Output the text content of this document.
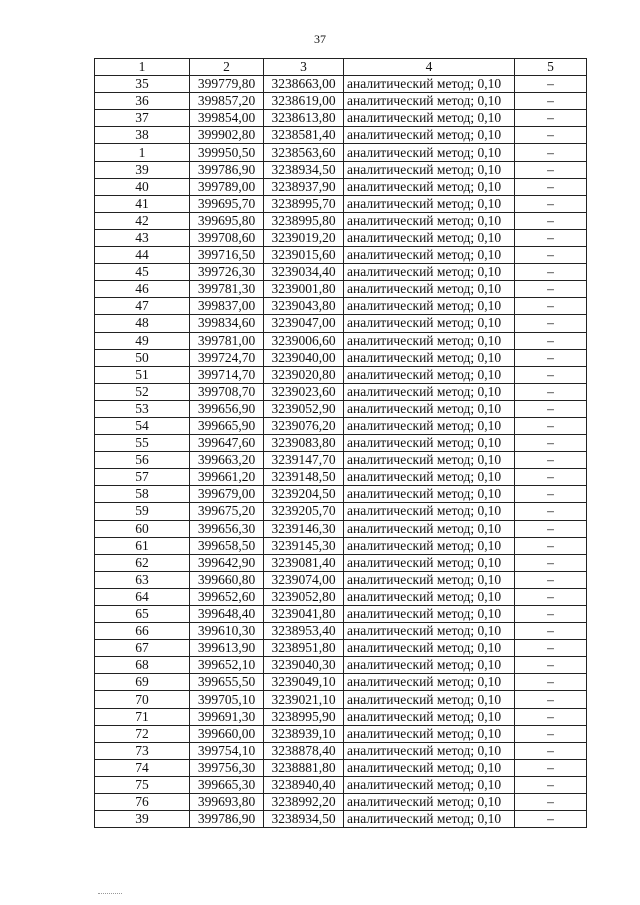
37
1	2	3	4	5
35	399779,80	3238663,00	аналитический метод; 0,10	–
36	399857,20	3238619,00	аналитический метод; 0,10	–
37	399854,00	3238613,80	аналитический метод; 0,10	–
38	399902,80	3238581,40	аналитический метод; 0,10	–
1	399950,50	3238563,60	аналитический метод; 0,10	–
39	399786,90	3238934,50	аналитический метод; 0,10	–
40	399789,00	3238937,90	аналитический метод; 0,10	–
41	399695,70	3238995,70	аналитический метод; 0,10	–
42	399695,80	3238995,80	аналитический метод; 0,10	–
43	399708,60	3239019,20	аналитический метод; 0,10	–
44	399716,50	3239015,60	аналитический метод; 0,10	–
45	399726,30	3239034,40	аналитический метод; 0,10	–
46	399781,30	3239001,80	аналитический метод; 0,10	–
47	399837,00	3239043,80	аналитический метод; 0,10	–
48	399834,60	3239047,00	аналитический метод; 0,10	–
49	399781,00	3239006,60	аналитический метод; 0,10	–
50	399724,70	3239040,00	аналитический метод; 0,10	–
51	399714,70	3239020,80	аналитический метод; 0,10	–
52	399708,70	3239023,60	аналитический метод; 0,10	–
53	399656,90	3239052,90	аналитический метод; 0,10	–
54	399665,90	3239076,20	аналитический метод; 0,10	–
55	399647,60	3239083,80	аналитический метод; 0,10	–
56	399663,20	3239147,70	аналитический метод; 0,10	–
57	399661,20	3239148,50	аналитический метод; 0,10	–
58	399679,00	3239204,50	аналитический метод; 0,10	–
59	399675,20	3239205,70	аналитический метод; 0,10	–
60	399656,30	3239146,30	аналитический метод; 0,10	–
61	399658,50	3239145,30	аналитический метод; 0,10	–
62	399642,90	3239081,40	аналитический метод; 0,10	–
63	399660,80	3239074,00	аналитический метод; 0,10	–
64	399652,60	3239052,80	аналитический метод; 0,10	–
65	399648,40	3239041,80	аналитический метод; 0,10	–
66	399610,30	3238953,40	аналитический метод; 0,10	–
67	399613,90	3238951,80	аналитический метод; 0,10	–
68	399652,10	3239040,30	аналитический метод; 0,10	–
69	399655,50	3239049,10	аналитический метод; 0,10	–
70	399705,10	3239021,10	аналитический метод; 0,10	–
71	399691,30	3238995,90	аналитический метод; 0,10	–
72	399660,00	3238939,10	аналитический метод; 0,10	–
73	399754,10	3238878,40	аналитический метод; 0,10	–
74	399756,30	3238881,80	аналитический метод; 0,10	–
75	399665,30	3238940,40	аналитический метод; 0,10	–
76	399693,80	3238992,20	аналитический метод; 0,10	–
39	399786,90	3238934,50	аналитический метод; 0,10	–
